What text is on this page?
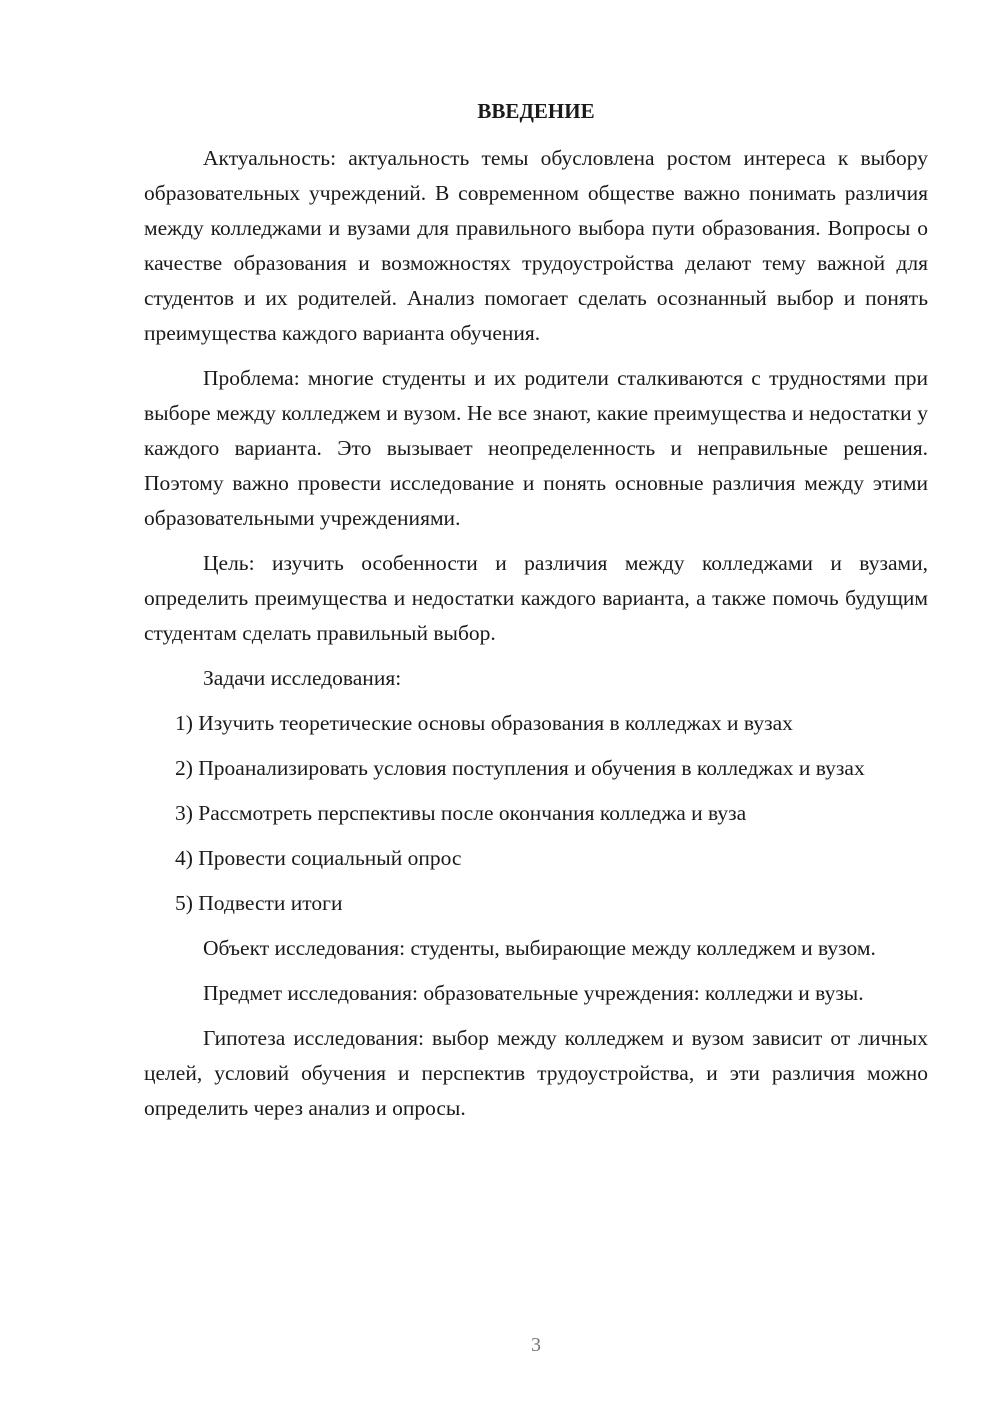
ВВЕДЕНИЕ

Актуальность: актуальность темы обусловлена ростом интереса к выбору образовательных учреждений. В современном обществе важно понимать различия между колледжами и вузами для правильного выбора пути образования. Вопросы о качестве образования и возможностях трудоустройства делают тему важной для студентов и их родителей. Анализ помогает сделать осознанный выбор и понять преимущества каждого варианта обучения.

Проблема: многие студенты и их родители сталкиваются с трудностями при выборе между колледжем и вузом. Не все знают, какие преимущества и недостатки у каждого варианта. Это вызывает неопределенность и неправильные решения. Поэтому важно провести исследование и понять основные различия между этими образовательными учреждениями.

Цель: изучить особенности и различия между колледжами и вузами, определить преимущества и недостатки каждого варианта, а также помочь будущим студентам сделать правильный выбор.

Задачи исследования:

1) Изучить теоретические основы образования в колледжах и вузах

2) Проанализировать условия поступления и обучения в колледжах и вузах

3) Рассмотреть перспективы после окончания колледжа и вуза

4) Провести социальный опрос

5) Подвести итоги

Объект исследования: студенты, выбирающие между колледжем и вузом.

Предмет исследования: образовательные учреждения: колледжи и вузы.

Гипотеза исследования: выбор между колледжем и вузом зависит от личных целей, условий обучения и перспектив трудоустройства, и эти различия можно определить через анализ и опросы.

3
